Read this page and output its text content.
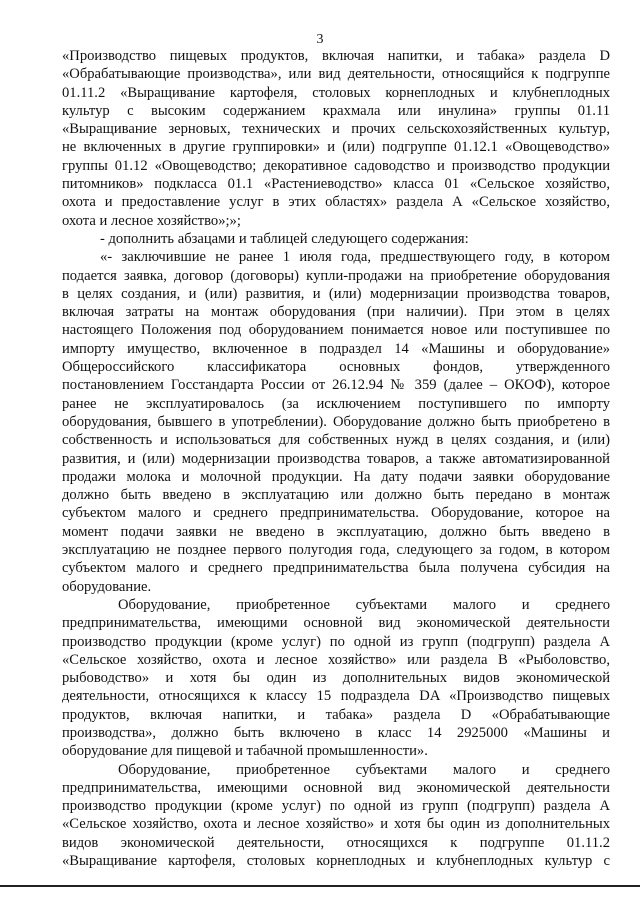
3
«Производство пищевых продуктов, включая напитки, и табака» раздела D
«Обрабатывающие производства», или вид деятельности, относящийся к подгруппе
01.11.2 «Выращивание картофеля, столовых корнеплодных и клубнеплодных
культур с высоким содержанием крахмала или инулина» группы 01.11
«Выращивание зерновых, технических и прочих сельскохозяйственных культур,
не включенных в другие группировки» и (или) подгруппе 01.12.1 «Овощеводство»
группы 01.12 «Овощеводство; декоративное садоводство и производство продукции
питомников» подкласса 01.1 «Растениеводство» класса 01 «Сельское хозяйство,
охота и предоставление услуг в этих областях» раздела А «Сельское хозяйство,
охота и лесное хозяйство»;»;
- дополнить абзацами и таблицей следующего содержания:
«- заключившие не ранее 1 июля года, предшествующего году, в котором
подается заявка, договор (договоры) купли-продажи на приобретение оборудования
в целях создания, и (или) развития, и (или) модернизации производства товаров,
включая затраты на монтаж оборудования (при наличии). При этом в целях
настоящего Положения под оборудованием понимается новое или поступившее по
импорту имущество, включенное в подраздел 14 «Машины и оборудование»
Общероссийского классификатора основных фондов, утвержденного
постановлением Госстандарта России от 26.12.94 № 359 (далее – ОКОФ), которое
ранее не эксплуатировалось (за исключением поступившего по импорту
оборудования, бывшего в употреблении). Оборудование должно быть приобретено в
собственность и использоваться для собственных нужд в целях создания, и (или)
развития, и (или) модернизации производства товаров, а также автоматизированной
продажи молока и молочной продукции. На дату подачи заявки оборудование
должно быть введено в эксплуатацию или должно быть передано в монтаж
субъектом малого и среднего предпринимательства. Оборудование, которое на
момент подачи заявки не введено в эксплуатацию, должно быть введено в
эксплуатацию не позднее первого полугодия года, следующего за годом, в котором
субъектом малого и среднего предпринимательства была получена субсидия на
оборудование.
Оборудование, приобретенное субъектами малого и среднего
предпринимательства, имеющими основной вид экономической деятельности
производство продукции (кроме услуг) по одной из групп (подгрупп) раздела А
«Сельское хозяйство, охота и лесное хозяйство» или раздела В «Рыболовство,
рыбоводство» и хотя бы один из дополнительных видов экономической
деятельности, относящихся к классу 15 подраздела DA «Производство пищевых
продуктов, включая напитки, и табака» раздела D «Обрабатывающие
производства», должно быть включено в класс 14 2925000 «Машины и
оборудование для пищевой и табачной промышленности».
Оборудование, приобретенное субъектами малого и среднего
предпринимательства, имеющими основной вид экономической деятельности
производство продукции (кроме услуг) по одной из групп (подгрупп) раздела А
«Сельское хозяйство, охота и лесное хозяйство» и хотя бы один из дополнительных
видов экономической деятельности, относящихся к подгруппе 01.11.2
«Выращивание картофеля, столовых корнеплодных и клубнеплодных культур с
